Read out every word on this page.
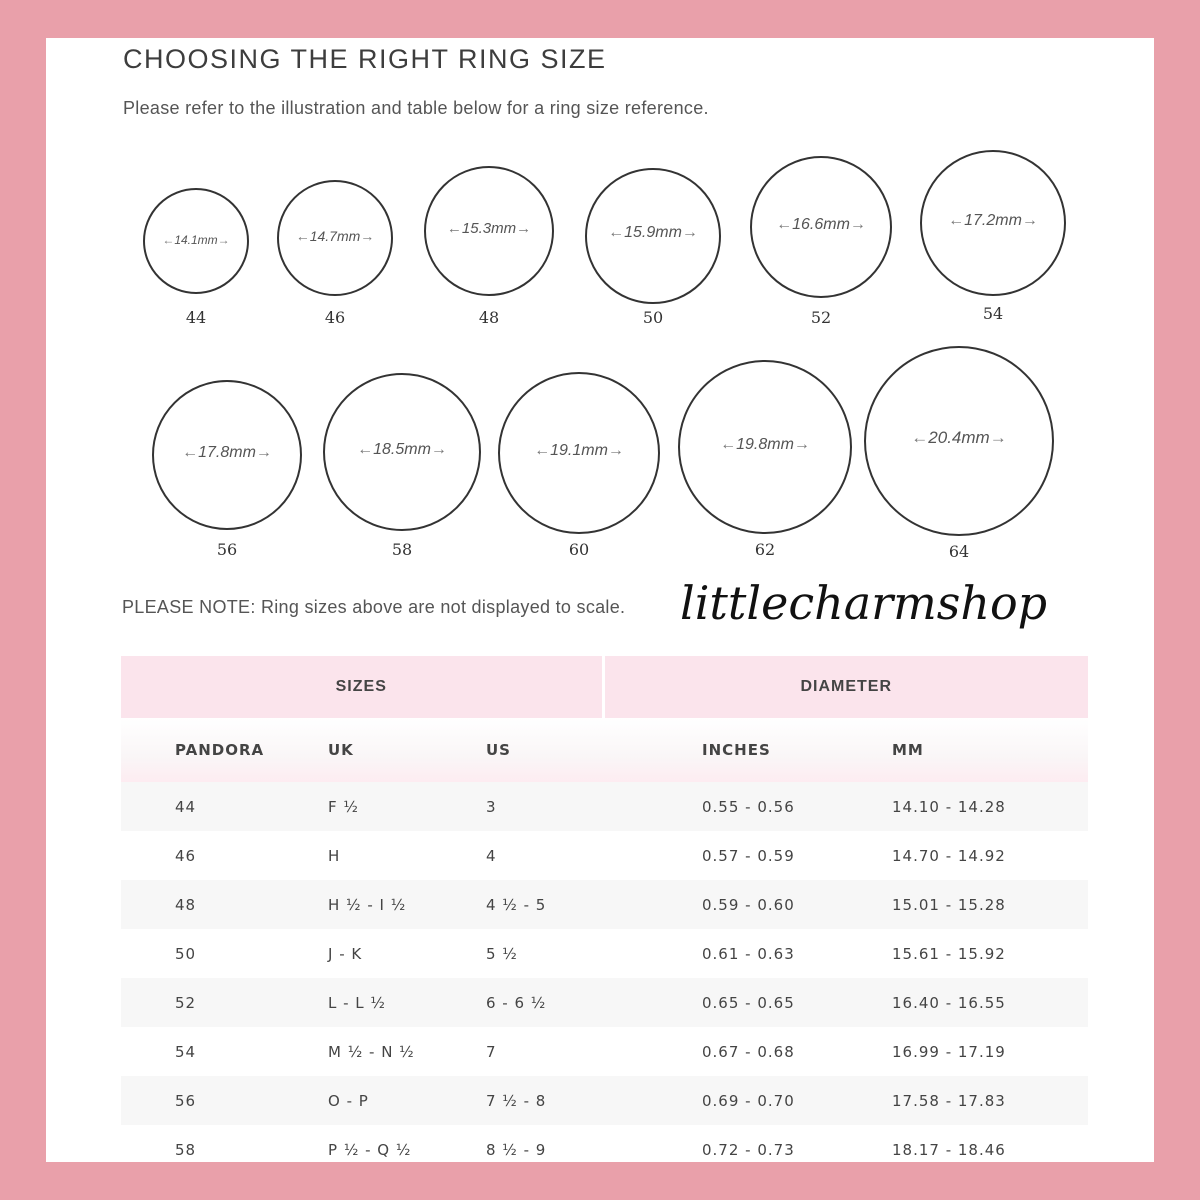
CHOOSING THE RIGHT RING SIZE
Please refer to the illustration and table below for a ring size reference.
←14.1mm→
44
←14.7mm→
46
←15.3mm→
48
←15.9mm→
50
←16.6mm→
52
←17.2mm→
54
←17.8mm→
56
←18.5mm→
58
←19.1mm→
60
←19.8mm→
62
←20.4mm→
64
PLEASE NOTE: Ring sizes above are not displayed to scale. littlecharmshop
SIZES			DIAMETER	
PANDORA	UK	US	INCHES	MM
44	F ½	3	0.55 - 0.56	14.10 - 14.28
46	H	4	0.57 - 0.59	14.70 - 14.92
48	H ½ - I ½	4 ½ - 5	0.59 - 0.60	15.01 - 15.28
50	J - K	5 ½	0.61 - 0.63	15.61 - 15.92
52	L - L ½	6 - 6 ½	0.65 - 0.65	16.40 - 16.55
54	M ½ - N ½	7	0.67 - 0.68	16.99 - 17.19
56	O - P	7 ½ - 8	0.69 - 0.70	17.58 - 17.83
58	P ½ - Q ½	8 ½ - 9	0.72 - 0.73	18.17 - 18.46
